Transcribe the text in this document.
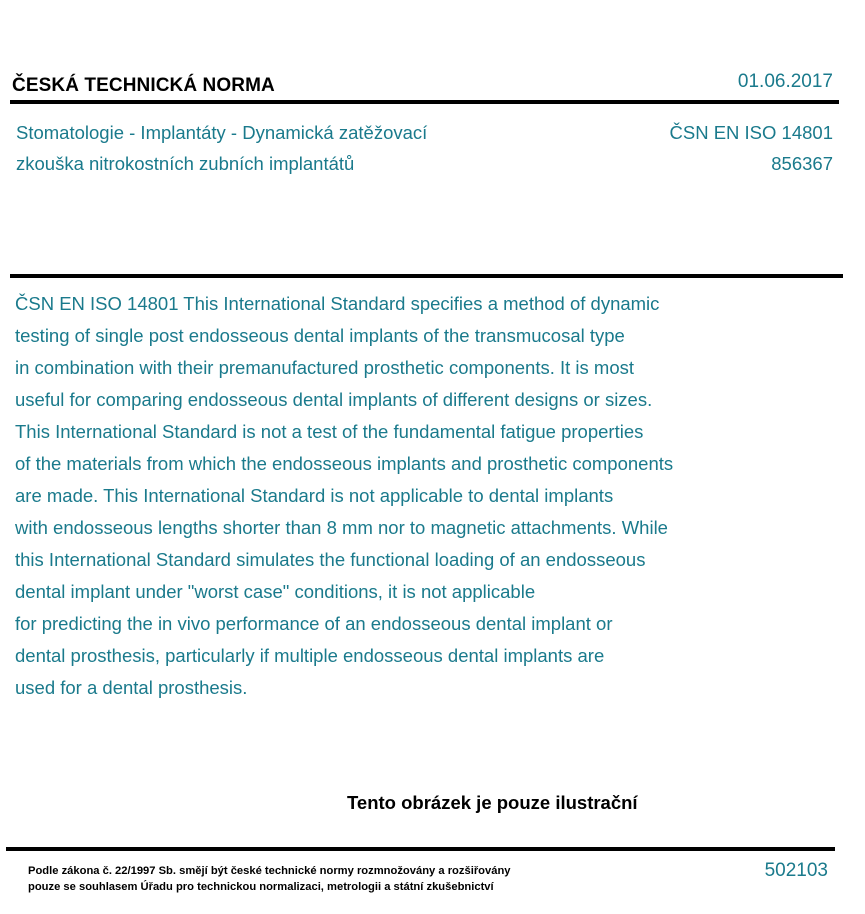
ČESKÁ TECHNICKÁ NORMA	01.06.2017
Stomatologie - Implantáty - Dynamická zatěžovací
zkouška nitrokostních zubních implantátů
ČSN EN ISO 14801
856367
ČSN EN ISO 14801 This International Standard specifies a method of dynamic
testing of single post endosseous dental implants of the transmucosal type
in combination with their premanufactured prosthetic components. It is most
useful for comparing endosseous dental implants of different designs or sizes.
This International Standard is not a test of the fundamental fatigue properties
of the materials from which the endosseous implants and prosthetic components
are made. This International Standard is not applicable to dental implants
with endosseous lengths shorter than 8 mm nor to magnetic attachments. While
this International Standard simulates the functional loading of an endosseous
dental implant under "worst case" conditions, it is not applicable
for predicting the in vivo performance of an endosseous dental implant or
dental prosthesis, particularly if multiple endosseous dental implants are
used for a dental prosthesis.
Tento obrázek je pouze ilustrační
Podle zákona č. 22/1997 Sb. smějí být české technické normy rozmnožovány a rozšiřovány
pouze se souhlasem Úřadu pro technickou normalizaci, metrologii a státní zkušebnictví
502103
